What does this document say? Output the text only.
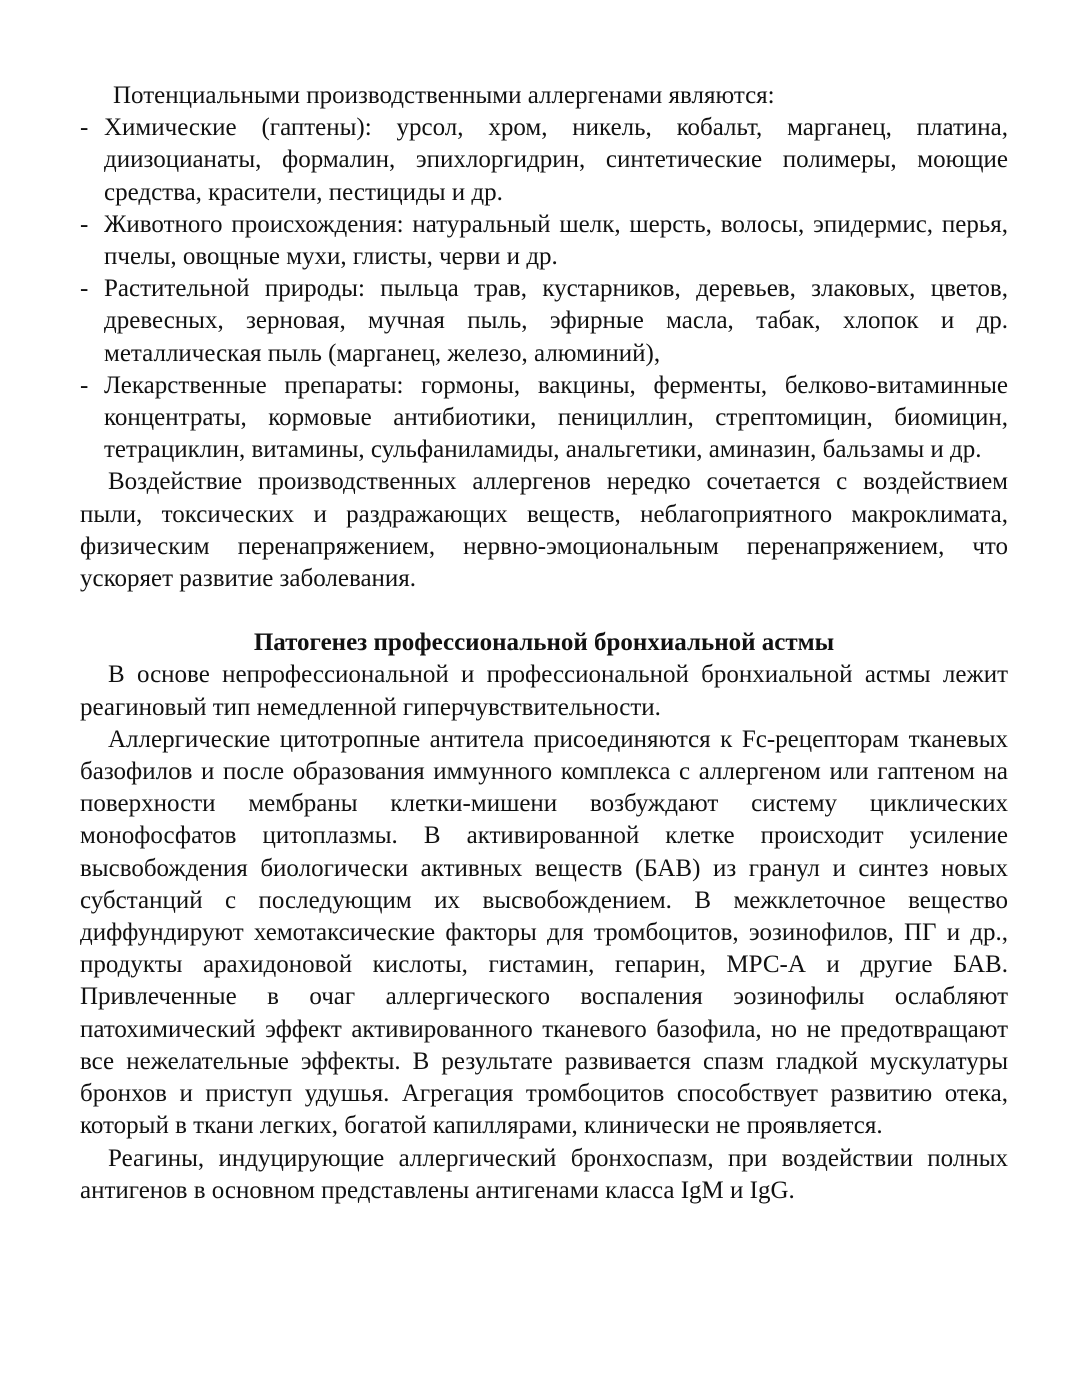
Потенциальными производственными аллергенами являются:

- Химические (гаптены): урсол, хром, никель, кобальт, марганец, платина, диизоцианаты, формалин, эпихлоргидрин, синтетические полимеры, моющие средства, красители, пестициды и др.
- Животного происхождения: натуральный шелк, шерсть, волосы, эпидермис, перья, пчелы, овощные мухи, глисты, черви и др.
- Растительной природы: пыльца трав, кустарников, деревьев, злаковых, цветов, древесных, зерновая, мучная пыль, эфирные масла, табак, хлопок и др. металлическая пыль (марганец, железо, алюминий),
- Лекарственные препараты: гормоны, вакцины, ферменты, белково-витаминные концентраты, кормовые антибиотики, пенициллин, стрептомицин, биомицин, тетрациклин, витамины, сульфаниламиды, анальгетики, аминазин, бальзамы и др.

Воздействие производственных аллергенов нередко сочетается с воздействием пыли, токсических и раздражающих веществ, неблагоприятного макроклимата, физическим перенапряжением, нервно-эмоциональным перенапряжением, что ускоряет развитие заболевания.

Патогенез профессиональной бронхиальной астмы

В основе непрофессиональной и профессиональной бронхиальной астмы лежит реагиновый тип немедленной гиперчувствительности.

Аллергические цитотропные антитела присоединяются к Fc-рецепторам тканевых базофилов и после образования иммунного комплекса с аллергеном или гаптеном на поверхности мембраны клетки-мишени возбуждают систему циклических монофосфатов цитоплазмы. В активированной клетке происходит усиление высвобождения биологически активных веществ (БАВ) из гранул и синтез новых субстанций с последующим их высвобождением. В межклеточное вещество диффундируют хемотаксические факторы для тромбоцитов, эозинофилов, ПГ и др., продукты арахидоновой кислоты, гистамин, гепарин, МРС-А и другие БАВ. Привлеченные в очаг аллергического воспаления эозинофилы ослабляют патохимический эффект активированного тканевого базофила, но не предотвращают все нежелательные эффекты. В результате развивается спазм гладкой мускулатуры бронхов и приступ удушья. Агрегация тромбоцитов способствует развитию отека, который в ткани легких, богатой капиллярами, клинически не проявляется.

Реагины, индуцирующие аллергический бронхоспазм, при воздействии полных антигенов в основном представлены антигенами класса IgM и IgG.
